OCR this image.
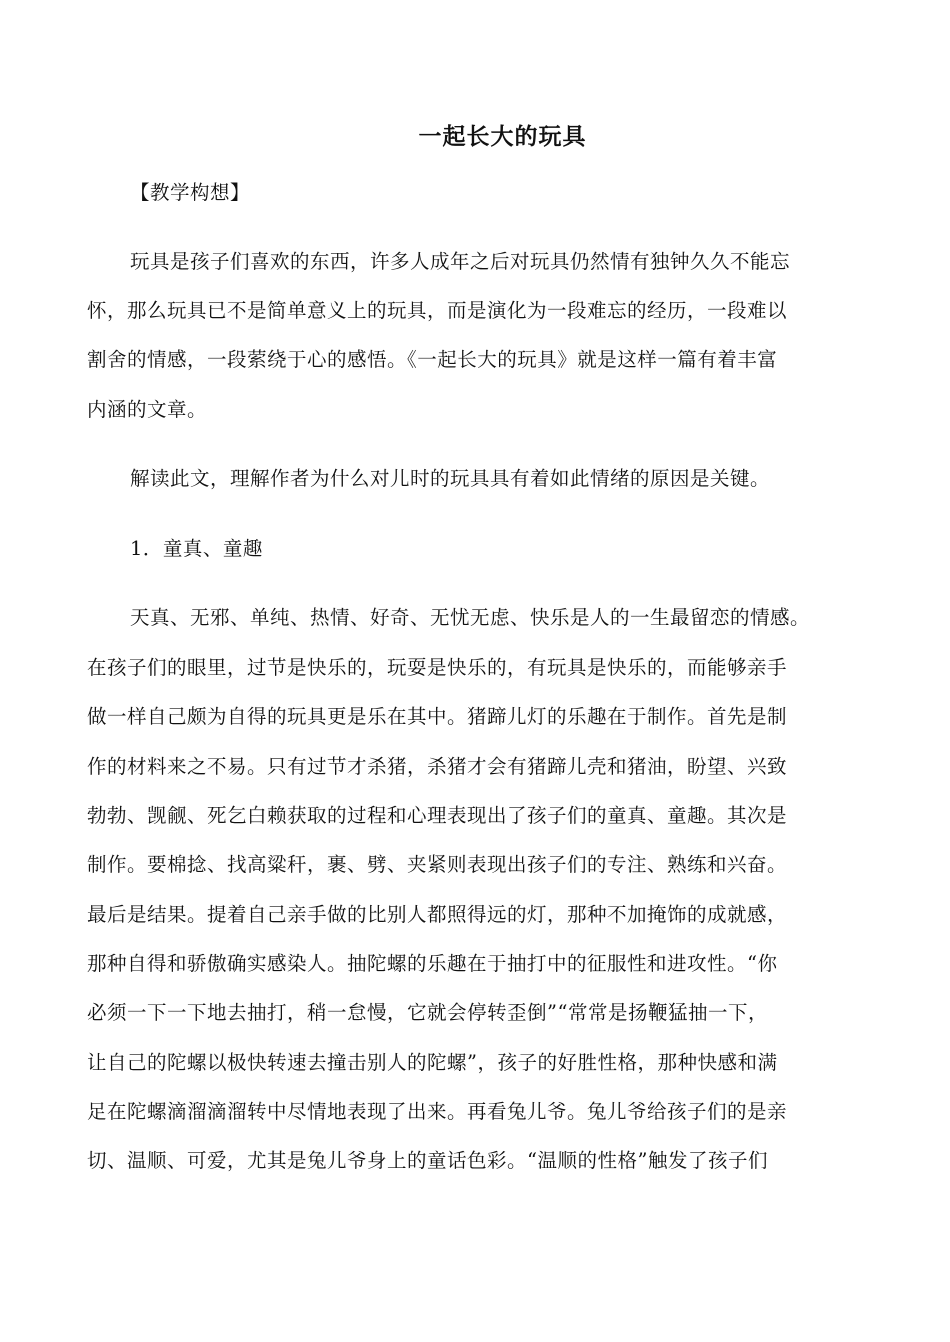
一起长大的玩具
【教学构想】
玩具是孩子们喜欢的东西，许多人成年之后对玩具仍然情有独钟久久不能忘
怀，那么玩具已不是简单意义上的玩具，而是演化为一段难忘的经历，一段难以
割舍的情感，一段萦绕于心的感悟。《一起长大的玩具》就是这样一篇有着丰富
内涵的文章。
解读此文，理解作者为什么对儿时的玩具具有着如此情绪的原因是关键。
1．童真、童趣
天真、无邪、单纯、热情、好奇、无忧无虑、快乐是人的一生最留恋的情感。
在孩子们的眼里，过节是快乐的，玩耍是快乐的，有玩具是快乐的，而能够亲手
做一样自己颇为自得的玩具更是乐在其中。猪蹄儿灯的乐趣在于制作。首先是制
作的材料来之不易。只有过节才杀猪，杀猪才会有猪蹄儿壳和猪油，盼望、兴致
勃勃、觊觎、死乞白赖获取的过程和心理表现出了孩子们的童真、童趣。其次是
制作。要棉捻、找高粱秆，裹、劈、夹紧则表现出孩子们的专注、熟练和兴奋。
最后是结果。提着自己亲手做的比别人都照得远的灯，那种不加掩饰的成就感，
那种自得和骄傲确实感染人。抽陀螺的乐趣在于抽打中的征服性和进攻性。“你
必须一下一下地去抽打，稍一怠慢，它就会停转歪倒”“常常是扬鞭猛抽一下，
让自己的陀螺以极快转速去撞击别人的陀螺”，孩子的好胜性格，那种快感和满
足在陀螺滴溜滴溜转中尽情地表现了出来。再看兔儿爷。兔儿爷给孩子们的是亲
切、温顺、可爱，尤其是兔儿爷身上的童话色彩。“温顺的性格”触发了孩子们
